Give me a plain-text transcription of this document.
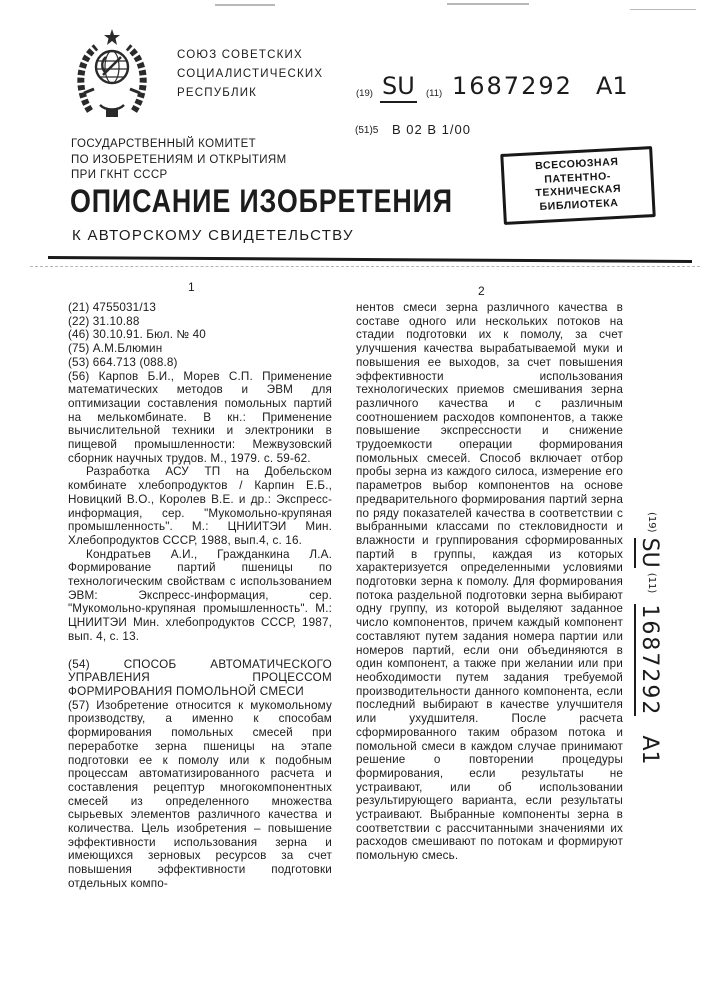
СОЮЗ СОВЕТСКИХ
СОЦИАЛИСТИЧЕСКИХ
РЕСПУБЛИК	(19) SU (11) 1687292 А1
(51)5 В 02 В 1/00
ГОСУДАРСТВЕННЫЙ КОМИТЕТ
ПО ИЗОБРЕТЕНИЯМ И ОТКРЫТИЯМ
ПРИ ГКНТ СССР
ВСЕСОЮЗНАЯ
ПАТЕНТНО-ТЕХНИЧЕСКАЯ
БИБЛИОТЕКА
ОПИСАНИЕ ИЗОБРЕТЕНИЯ
К АВТОРСКОМУ СВИДЕТЕЛЬСТВУ
1	2
(21) 4755031/13
(22) 31.10.88
(46) 30.10.91. Бюл. № 40
(75) А.М.Блюмин
(53) 664.713 (088.8)

(56) Карпов Б.И., Морев С.П. Применение математических методов и ЭВМ для оптимизации составления помольных партий на мелькомбинате. В кн.: Применение вычислительной техники и электроники в пищевой промышленности: Межвузовский сборник научных трудов. М., 1979. с. 59-62.

Разработка АСУ ТП на Добельском комбинате хлебопродуктов / Карпин Е.Б., Новицкий В.О., Королев В.Е. и др.: Экспресс-информация, сер. "Мукомольно-крупяная промышленность". М.: ЦНИИТЭИ Мин. Хлебопродуктов СССР, 1988, вып.4, с. 16.

Кондратьев А.И., Гражданкина Л.А. Формирование партий пшеницы по технологическим свойствам с использованием ЭВМ: Экспресс-информация, сер. "Мукомольно-крупяная промышленность". М.: ЦНИИТЭИ Мин. хлебопродуктов СССР, 1987, вып. 4, с. 13.

(54) СПОСОБ АВТОМАТИЧЕСКОГО УПРАВЛЕНИЯ ПРОЦЕССОМ ФОРМИРОВАНИЯ ПОМОЛЬНОЙ СМЕСИ

(57) Изобретение относится к мукомольному производству, а именно к способам формирования помольных смесей при переработке зерна пшеницы на этапе подготовки ее к помолу или к подобным процессам автоматизированного расчета и составления рецептур многокомпонентных смесей из определенного множества сырьевых элементов различного качества и количества. Цель изобретения – повышение эффективности использования зерна и имеющихся зерновых ресурсов за счет повышения эффективности подготовки отдельных компо-

нентов смеси зерна различного качества в составе одного или нескольких потоков на стадии подготовки их к помолу, за счет улучшения качества вырабатываемой муки и повышения ее выходов, за счет повышения эффективности использования технологических приемов смешивания зерна различного качества и с различным соотношением расходов компонентов, а также повышение экспрессности и снижение трудоемкости операции формирования помольных смесей. Способ включает отбор пробы зерна из каждого силоса, измерение его параметров выбор компонентов на основе предварительного формирования партий зерна по ряду показателей качества в соответствии с выбранными классами по стекловидности и влажности и группирования сформированных партий в группы, каждая из которых характеризуется определенными условиями подготовки зерна к помолу. Для формирования потока раздельной подготовки зерна выбирают одну группу, из которой выделяют заданное число компонентов, причем каждый компонент составляют путем задания номера партии или номеров партий, если они объединяются в один компонент, а также при желании или при необходимости путем задания требуемой производительности данного компонента, если последний выбирают в качестве улучшителя или ухудшителя. После расчета сформированного таким образом потока и помольной смеси в каждом случае принимают решение о повторении процедуры формирования, если результаты не устраивают, или об использовании результирующего варианта, если результаты устраивают. Выбранные компоненты зерна в соответствии с рассчитанными значениями их расходов смешивают по потокам и формируют помольную смесь.

$^{(19)}$ SU $^{(11)}$ 1687292 А1
